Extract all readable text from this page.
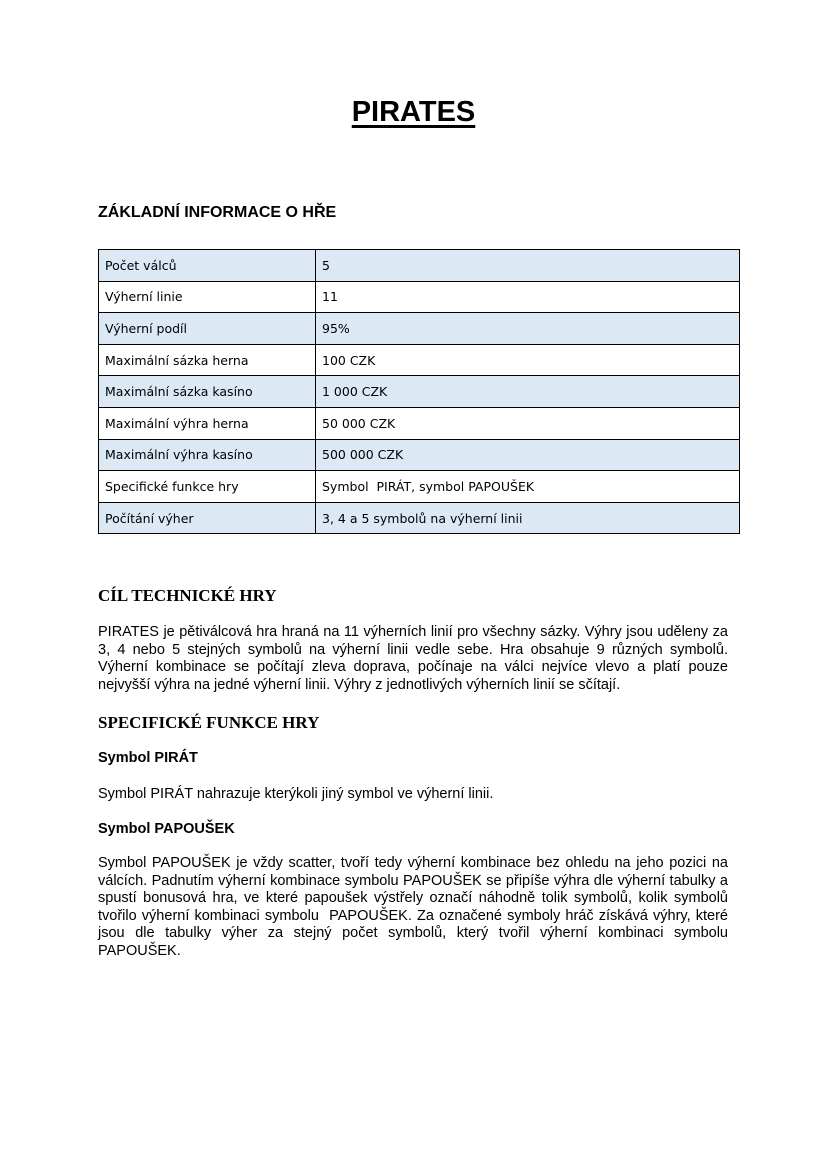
PIRATES
ZÁKLADNÍ INFORMACE O HŘE
Počet válců	5
Výherní linie	11
Výherní podíl	95%
Maximální sázka herna	100 CZK
Maximální sázka kasíno	1 000 CZK
Maximální výhra herna	50 000 CZK
Maximální výhra kasíno	500 000 CZK
Specifické funkce hry	Symbol  PIRÁT, symbol PAPOUŠEK
Počítání výher	3, 4 a 5 symbolů na výherní linii
CÍL TECHNICKÉ HRY

PIRATES je pětiválcová hra hraná na 11 výherních linií pro všechny sázky. Výhry jsou uděleny za 3, 4 nebo 5 stejných symbolů na výherní linii vedle sebe. Hra obsahuje 9 různých symbolů. Výherní kombinace se počítají zleva doprava, počínaje na válci nejvíce vlevo a platí pouze nejvyšší výhra na jedné výherní linii. Výhry z jednotlivých výherních linií se sčítají.

SPECIFICKÉ FUNKCE HRY
Symbol PIRÁT

Symbol PIRÁT nahrazuje kterýkoli jiný symbol ve výherní linii.

Symbol PAPOUŠEK

Symbol PAPOUŠEK je vždy scatter, tvoří tedy výherní kombinace bez ohledu na jeho pozici na válcích. Padnutím výherní kombinace symbolu PAPOUŠEK se připíše výhra dle výherní tabulky a spustí bonusová hra, ve které papoušek výstřely označí náhodně tolik symbolů, kolik symbolů tvořilo výherní kombinaci symbolu  PAPOUŠEK. Za označené symboly hráč získává výhry, které jsou dle tabulky výher za stejný počet symbolů, který tvořil výherní kombinaci symbolu  PAPOUŠEK.
